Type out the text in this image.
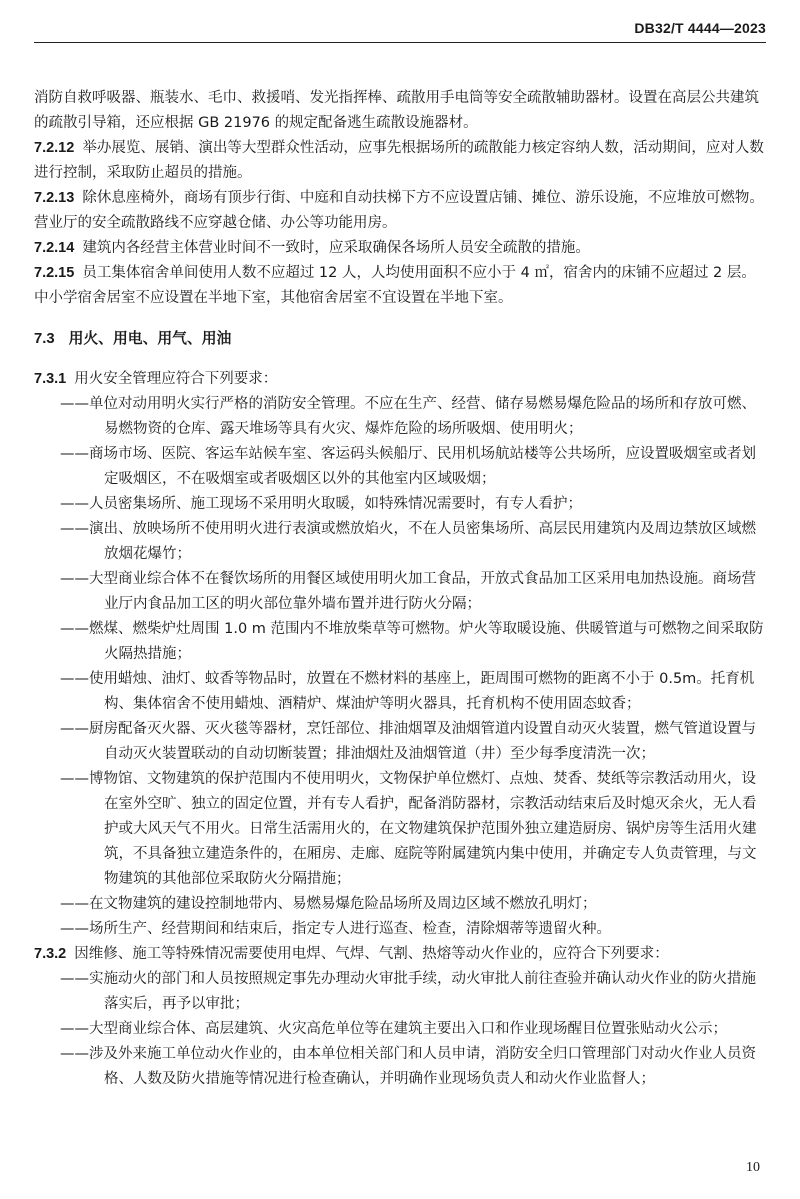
DB32/T 4444—2023

消防自救呼吸器、瓶装水、毛巾、救援哨、发光指挥棒、疏散用手电筒等安全疏散辅助器材。设置在高层公共建筑的疏散引导箱，还应根据 GB 21976 的规定配备逃生疏散设施器材。

7.2.12 举办展览、展销、演出等大型群众性活动，应事先根据场所的疏散能力核定容纳人数，活动期间，应对人数进行控制，采取防止超员的措施。

7.2.13 除休息座椅外，商场有顶步行街、中庭和自动扶梯下方不应设置店铺、摊位、游乐设施，不应堆放可燃物。营业厅的安全疏散路线不应穿越仓储、办公等功能用房。

7.2.14 建筑内各经营主体营业时间不一致时，应采取确保各场所人员安全疏散的措施。

7.2.15 员工集体宿舍单间使用人数不应超过 12 人，人均使用面积不应小于 4 ㎡，宿舍内的床铺不应超过 2 层。中小学宿舍居室不应设置在半地下室，其他宿舍居室不宜设置在半地下室。

7.3 用火、用电、用气、用油

7.3.1 用火安全管理应符合下列要求：

——单位对动用明火实行严格的消防安全管理。不应在生产、经营、储存易燃易爆危险品的场所和存放可燃、易燃物资的仓库、露天堆场等具有火灾、爆炸危险的场所吸烟、使用明火；

——商场市场、医院、客运车站候车室、客运码头候船厅、民用机场航站楼等公共场所，应设置吸烟室或者划定吸烟区，不在吸烟室或者吸烟区以外的其他室内区域吸烟；

——人员密集场所、施工现场不采用明火取暖，如特殊情况需要时，有专人看护；

——演出、放映场所不使用明火进行表演或燃放焰火，不在人员密集场所、高层民用建筑内及周边禁放区域燃放烟花爆竹；

——大型商业综合体不在餐饮场所的用餐区域使用明火加工食品，开放式食品加工区采用电加热设施。商场营业厅内食品加工区的明火部位靠外墙布置并进行防火分隔；

——燃煤、燃柴炉灶周围 1.0 m 范围内不堆放柴草等可燃物。炉火等取暖设施、供暖管道与可燃物之间采取防火隔热措施；

——使用蜡烛、油灯、蚊香等物品时，放置在不燃材料的基座上，距周围可燃物的距离不小于 0.5m。托育机构、集体宿舍不使用蜡烛、酒精炉、煤油炉等明火器具，托育机构不使用固态蚊香；

——厨房配备灭火器、灭火毯等器材，烹饪部位、排油烟罩及油烟管道内设置自动灭火装置，燃气管道设置与自动灭火装置联动的自动切断装置；排油烟灶及油烟管道（井）至少每季度清洗一次；

——博物馆、文物建筑的保护范围内不使用明火，文物保护单位燃灯、点烛、焚香、焚纸等宗教活动用火，设在室外空旷、独立的固定位置，并有专人看护，配备消防器材，宗教活动结束后及时熄灭余火，无人看护或大风天气不用火。日常生活需用火的，在文物建筑保护范围外独立建造厨房、锅炉房等生活用火建筑，不具备独立建造条件的，在厢房、走廊、庭院等附属建筑内集中使用，并确定专人负责管理，与文物建筑的其他部位采取防火分隔措施；

——在文物建筑的建设控制地带内、易燃易爆危险品场所及周边区域不燃放孔明灯；

——场所生产、经营期间和结束后，指定专人进行巡查、检查，清除烟蒂等遗留火种。

7.3.2 因维修、施工等特殊情况需要使用电焊、气焊、气割、热熔等动火作业的，应符合下列要求：

——实施动火的部门和人员按照规定事先办理动火审批手续，动火审批人前往查验并确认动火作业的防火措施落实后，再予以审批；

——大型商业综合体、高层建筑、火灾高危单位等在建筑主要出入口和作业现场醒目位置张贴动火公示；

——涉及外来施工单位动火作业的，由本单位相关部门和人员申请，消防安全归口管理部门对动火作业人员资格、人数及防火措施等情况进行检查确认，并明确作业现场负责人和动火作业监督人；

10
